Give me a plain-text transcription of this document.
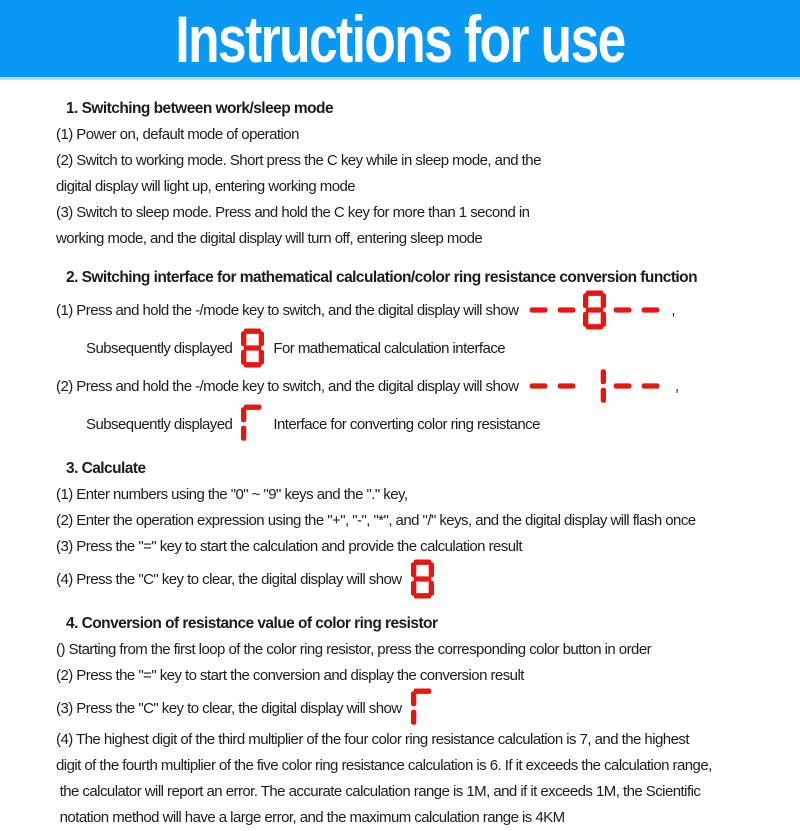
Instructions for use
1. Switching between work/sleep mode
(1) Power on, default mode of operation
(2) Switch to working mode. Short press the C key while in sleep mode, and the
digital display will light up, entering working mode
(3) Switch to sleep mode. Press and hold the C key for more than 1 second in
working mode, and the digital display will turn off, entering sleep mode
2. Switching interface for mathematical calculation/color ring resistance conversion function
(1) Press and hold the -/mode key to switch, and the digital display will show	,
Subsequently displayed	For mathematical calculation interface
(2) Press and hold the -/mode key to switch, and the digital display will show	,
Subsequently displayed	Interface for converting color ring resistance
3. Calculate
(1) Enter numbers using the "0" ~ "9" keys and the "." key,
(2) Enter the operation expression using the "+", "-", "*", and "/" keys, and the digital display will flash once
(3) Press the "=" key to start the calculation and provide the calculation result
(4) Press the "C" key to clear, the digital display will show
4. Conversion of resistance value of color ring resistor
() Starting from the first loop of the color ring resistor, press the corresponding color button in order
(2) Press the "=" key to start the conversion and display the conversion result
(3) Press the "C" key to clear, the digital display will show
(4) The highest digit of the third multiplier of the four color ring resistance calculation is 7, and the highest
digit of the fourth multiplier of the five color ring resistance calculation is 6. If it exceeds the calculation range,
the calculator will report an error. The accurate calculation range is 1M, and if it exceeds 1M, the Scientific
notation method will have a large error, and the maximum calculation range is 4KM
